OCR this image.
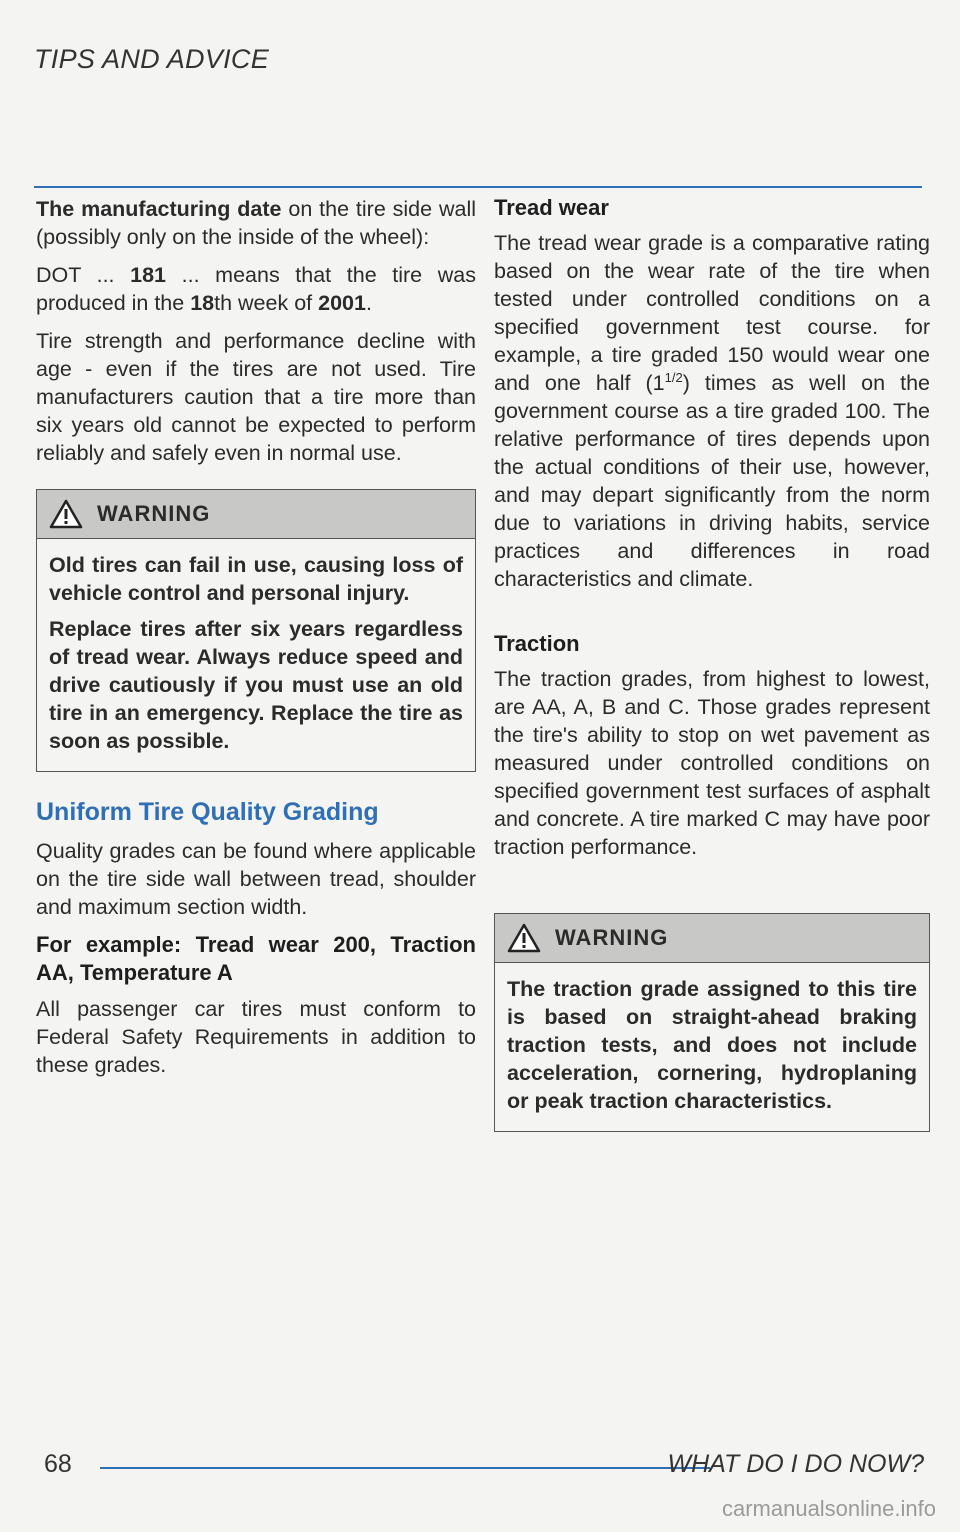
TIPS AND ADVICE

The manufacturing date on the tire side wall (possibly only on the inside of the wheel):

DOT ... 181 ... means that the tire was produced in the 18th week of 2001.

Tire strength and performance decline with age - even if the tires are not used. Tire manufacturers caution that a tire more than six years old cannot be expected to perform reliably and safely even in normal use.

WARNING

Old tires can fail in use, causing loss of vehicle control and personal injury.

Replace tires after six years regardless of tread wear. Always reduce speed and drive cautiously if you must use an old tire in an emergency. Replace the tire as soon as possible.

Uniform Tire Quality Grading

Quality grades can be found where applicable on the tire side wall between tread, shoulder and maximum section width.

For example: Tread wear 200, Traction AA, Temperature A

All passenger car tires must conform to Federal Safety Requirements in addition to these grades.

Tread wear

The tread wear grade is a comparative rating based on the wear rate of the tire when tested under controlled conditions on a specified government test course. for example, a tire graded 150 would wear one and one half $(1^{1/2})$ times as well on the government course as a tire graded 100. The relative performance of tires depends upon the actual conditions of their use, however, and may depart significantly from the norm due to variations in driving habits, service practices and differences in road characteristics and climate.

Traction

The traction grades, from highest to lowest, are AA, A, B and C. Those grades represent the tire's ability to stop on wet pavement as measured under controlled conditions on specified government test surfaces of asphalt and concrete. A tire marked C may have poor traction performance.

WARNING

The traction grade assigned to this tire is based on straight-ahead braking traction tests, and does not include acceleration, cornering, hydroplaning or peak traction characteristics.

68	WHAT DO I DO NOW?
carmanualsonline.info
